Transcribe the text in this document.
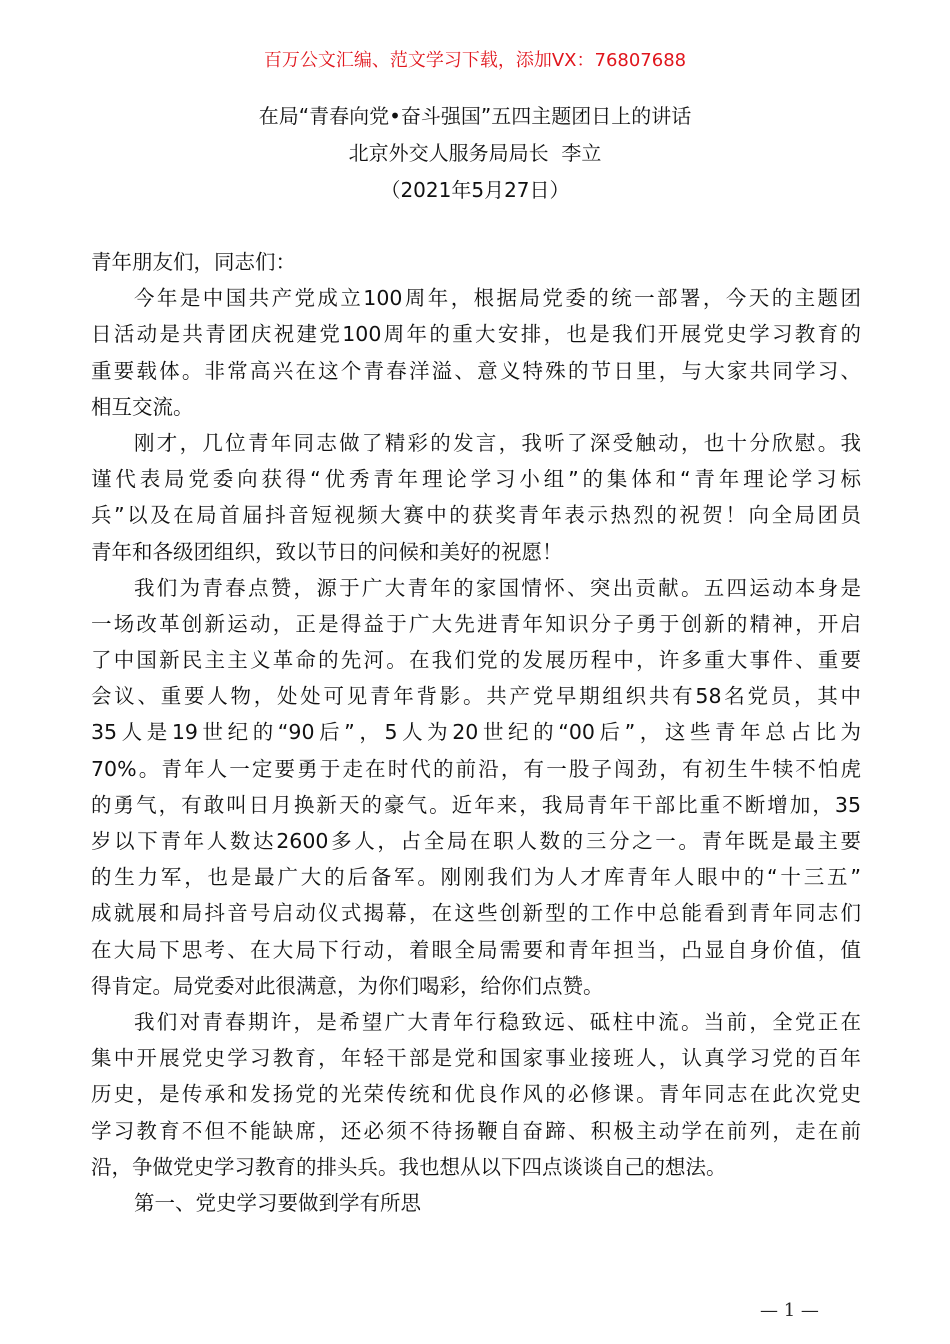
百万公文汇编、范文学习下载，添加VX：76807688
在局“青春向党•奋斗强国”五四主题团日上的讲话
北京外交人服务局局长  李立
（2021年5月27日）
青年朋友们，同志们：
今年是中国共产党成立100周年，根据局党委的统一部署，今天的主题团
日活动是共青团庆祝建党100周年的重大安排，也是我们开展党史学习教育的
重要载体。非常高兴在这个青春洋溢、意义特殊的节日里，与大家共同学习、
相互交流。
刚才，几位青年同志做了精彩的发言，我听了深受触动，也十分欣慰。我
谨代表局党委向获得“优秀青年理论学习小组”的集体和“青年理论学习标
兵”以及在局首届抖音短视频大赛中的获奖青年表示热烈的祝贺！向全局团员
青年和各级团组织，致以节日的问候和美好的祝愿！
我们为青春点赞，源于广大青年的家国情怀、突出贡献。五四运动本身是
一场改革创新运动，正是得益于广大先进青年知识分子勇于创新的精神，开启
了中国新民主主义革命的先河。在我们党的发展历程中，许多重大事件、重要
会议、重要人物，处处可见青年背影。共产党早期组织共有58名党员，其中
35人是19世纪的“90后”，5人为20世纪的“00后”，这些青年总占比为
70%。青年人一定要勇于走在时代的前沿，有一股子闯劲，有初生牛犊不怕虎
的勇气，有敢叫日月换新天的豪气。近年来，我局青年干部比重不断增加，35
岁以下青年人数达2600多人，占全局在职人数的三分之一。青年既是最主要
的生力军，也是最广大的后备军。刚刚我们为人才库青年人眼中的“十三五”
成就展和局抖音号启动仪式揭幕，在这些创新型的工作中总能看到青年同志们
在大局下思考、在大局下行动，着眼全局需要和青年担当，凸显自身价值，值
得肯定。局党委对此很满意，为你们喝彩，给你们点赞。
我们对青春期许，是希望广大青年行稳致远、砥柱中流。当前，全党正在
集中开展党史学习教育，年轻干部是党和国家事业接班人，认真学习党的百年
历史，是传承和发扬党的光荣传统和优良作风的必修课。青年同志在此次党史
学习教育不但不能缺席，还必须不待扬鞭自奋蹄、积极主动学在前列，走在前
沿，争做党史学习教育的排头兵。我也想从以下四点谈谈自己的想法。
第一、党史学习要做到学有所思
— 1 —
